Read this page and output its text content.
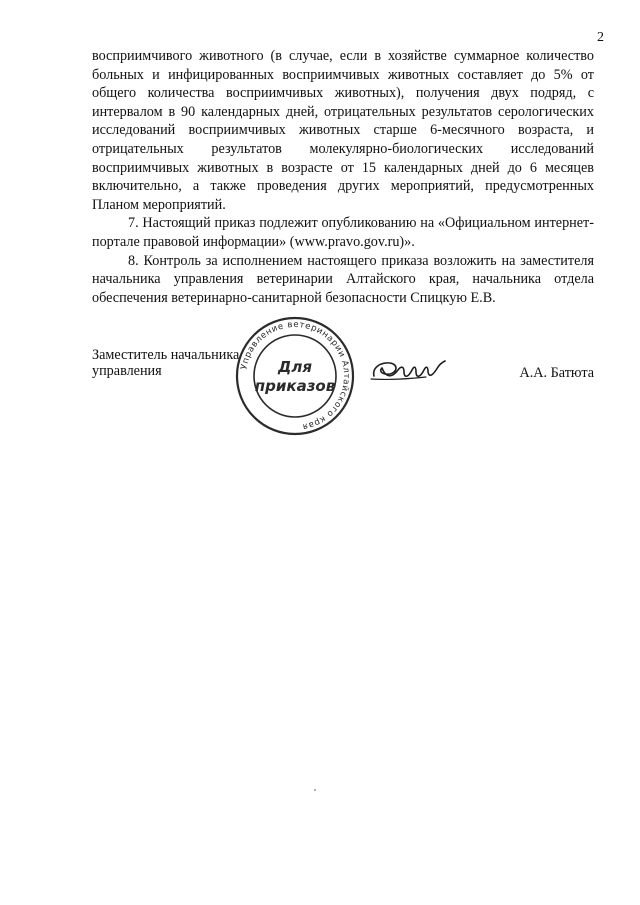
2

восприимчивого животного (в случае, если в хозяйстве суммарное количество больных и инфицированных восприимчивых животных составляет до 5% от общего количества восприимчивых животных), получения двух подряд, с интервалом в 90 календарных дней, отрицательных результатов серологических исследований восприимчивых животных старше 6-месячного возраста, и отрицательных результатов молекулярно-биологических исследований восприимчивых животных в возрасте от 15 календарных дней до 6 месяцев включительно, а также проведения других мероприятий, предусмотренных Планом мероприятий.

7. Настоящий приказ подлежит опубликованию на «Официальном интернет-портале правовой информации» (www.pravo.gov.ru)».

8. Контроль за исполнением настоящего приказа возложить на заместителя начальника управления ветеринарии Алтайского края, начальника отдела обеспечения ветеринарно-санитарной безопасности Спицкую Е.В.

Заместитель начальника
управления	Управление ветеринарии Алтайского края
Для
приказов
А.А. Батюта
